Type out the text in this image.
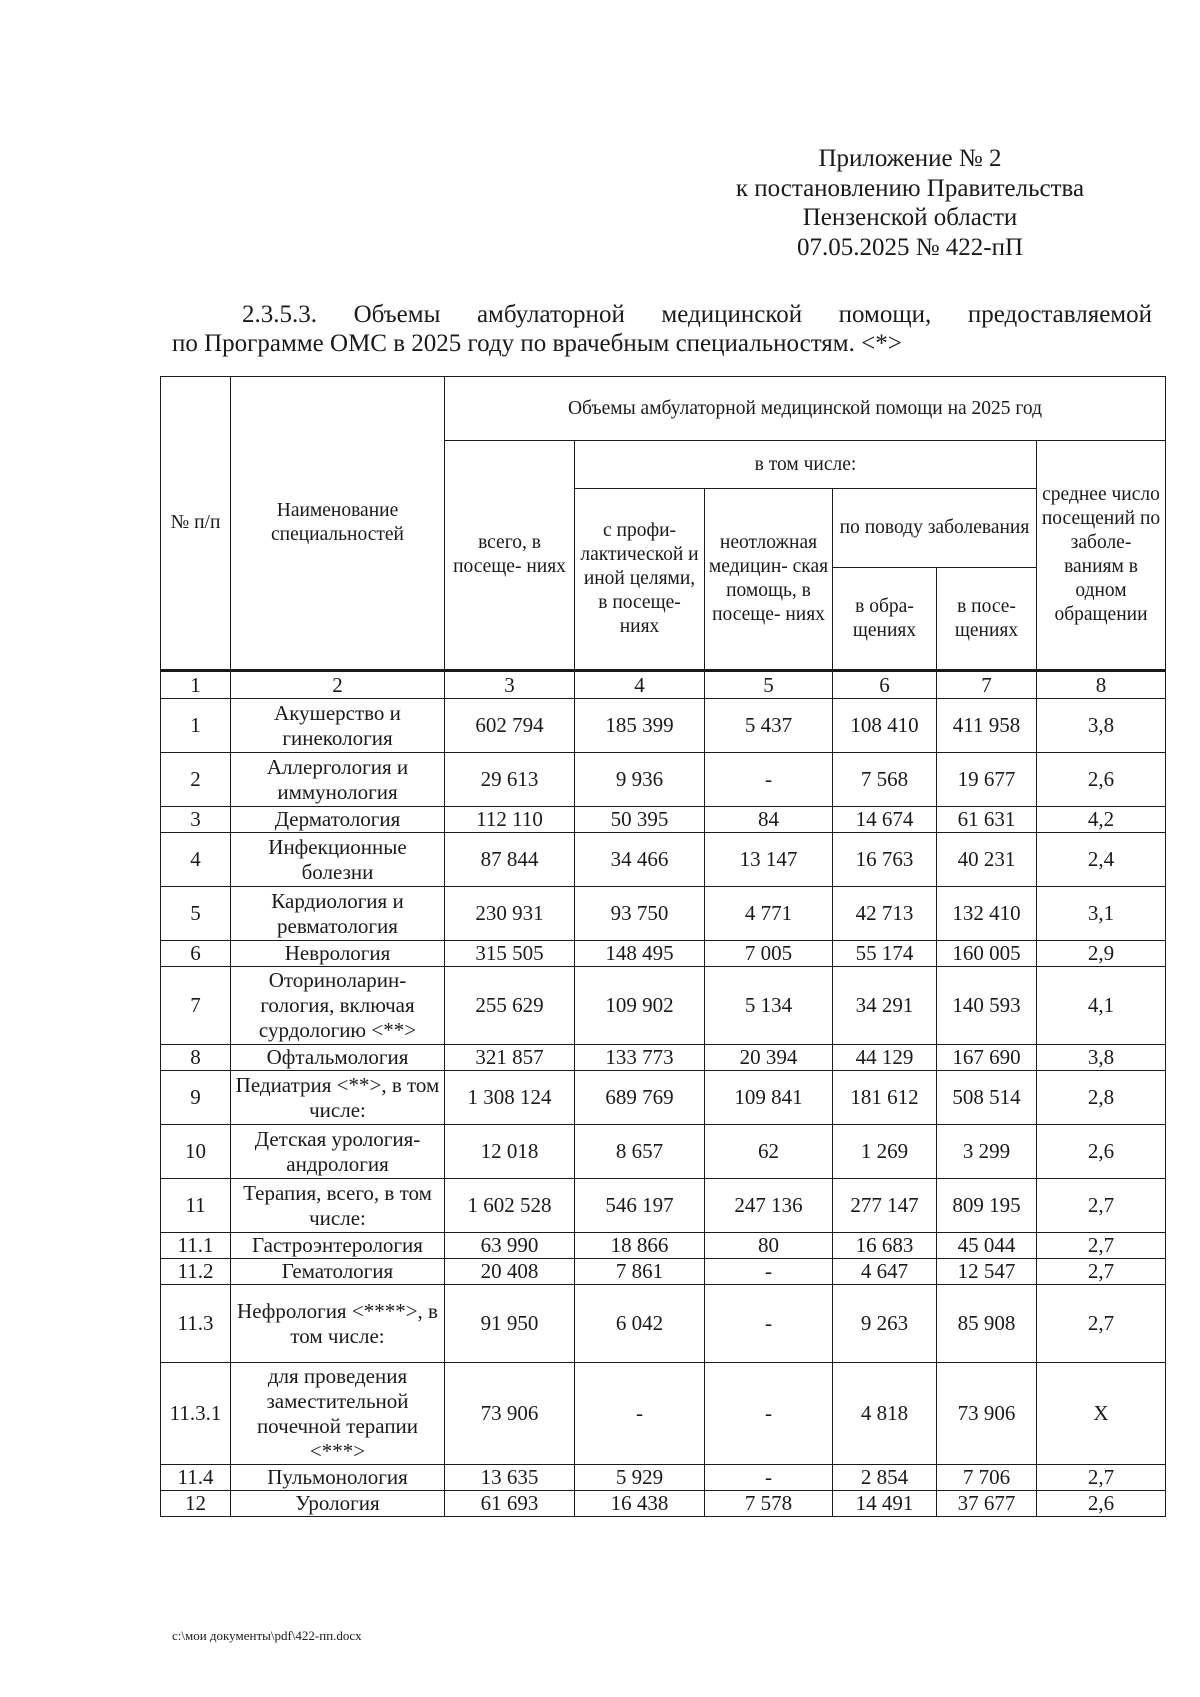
Приложение № 2
к постановлению Правительства
Пензенской области
07.05.2025 № 422-пП
2.3.5.3. Объемы амбулаторной медицинской помощи, предоставляемой
по Программе ОМС в 2025 году по врачебным специальностям. <*>
№ п/п	Наименование специальностей	Объемы амбулаторной медицинской помощи на 2025 год					
		всего, в посеще- ниях	в том числе:				среднее число посещений по заболе- ваниям в одном обращении
			с профи- лактической и иной целями, в посеще- ниях	неотложная медицин- ская помощь, в посеще- ниях	по поводу заболевания		
					в обра- щениях	в посе- щениях	
1	2	3	4	5	6	7	8
1	Акушерство и гинекология	602 794	185 399	5 437	108 410	411 958	3,8
2	Аллергология и иммунология	29 613	9 936	-	7 568	19 677	2,6
3	Дерматология	112 110	50 395	84	14 674	61 631	4,2
4	Инфекционные болезни	87 844	34 466	13 147	16 763	40 231	2,4
5	Кардиология и ревматология	230 931	93 750	4 771	42 713	132 410	3,1
6	Неврология	315 505	148 495	7 005	55 174	160 005	2,9
7	Оториноларин- гология, включая сурдологию <**>	255 629	109 902	5 134	34 291	140 593	4,1
8	Офтальмология	321 857	133 773	20 394	44 129	167 690	3,8
9	Педиатрия <**>, в том числе:	1 308 124	689 769	109 841	181 612	508 514	2,8
10	Детская урология- андрология	12 018	8 657	62	1 269	3 299	2,6
11	Терапия, всего, в том числе:	1 602 528	546 197	247 136	277 147	809 195	2,7
11.1	Гастроэнтерология	63 990	18 866	80	16 683	45 044	2,7
11.2	Гематология	20 408	7 861	-	4 647	12 547	2,7
11.3	Нефрология <****>, в том числе:	91 950	6 042	-	9 263	85 908	2,7
11.3.1	для проведения заместительной почечной терапии <***>	73 906	-	-	4 818	73 906	X
11.4	Пульмонология	13 635	5 929	-	2 854	7 706	2,7
12	Урология	61 693	16 438	7 578	14 491	37 677	2,6
c:\мои документы\pdf\422-пп.docx
